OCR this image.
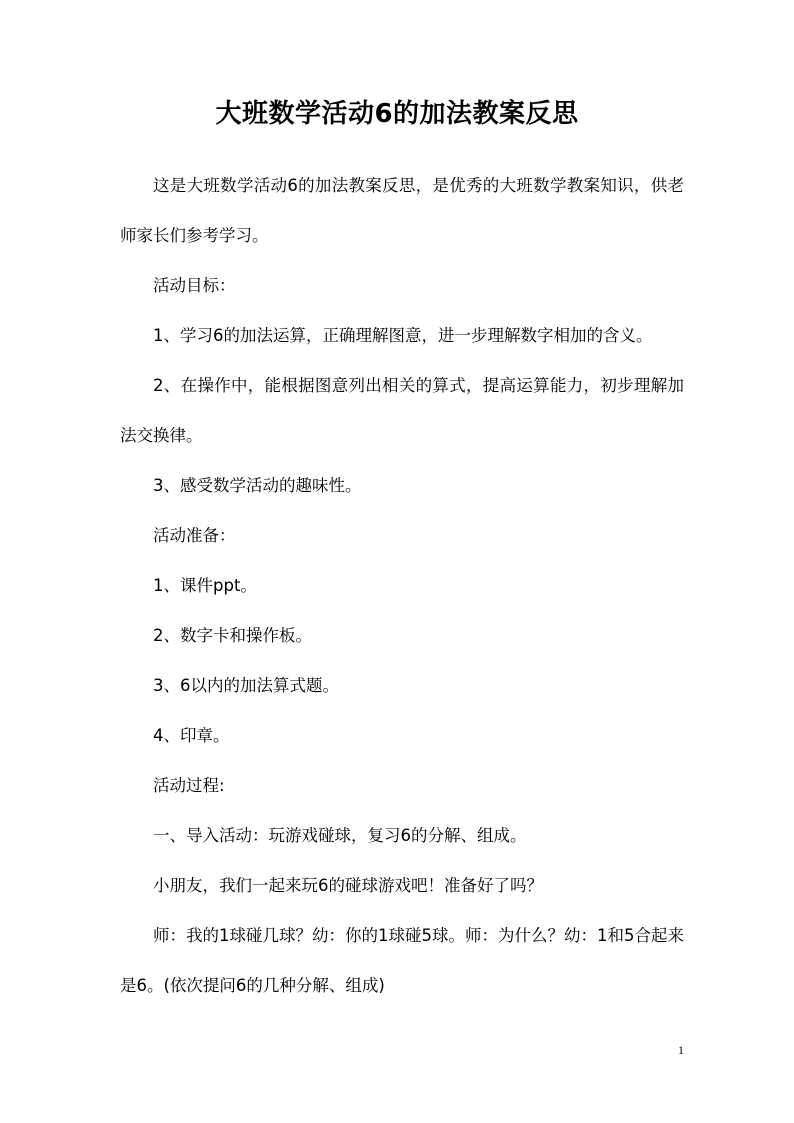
大班数学活动6的加法教案反思

这是大班数学活动6的加法教案反思，是优秀的大班数学教案知识，供老师家长们参考学习。

活动目标：

1、学习6的加法运算，正确理解图意，进一步理解数字相加的含义。

2、在操作中，能根据图意列出相关的算式，提高运算能力，初步理解加法交换律。

3、感受数学活动的趣味性。

活动准备：

1、课件ppt。

2、数字卡和操作板。

3、6以内的加法算式题。

4、印章。

活动过程:

一、导入活动：玩游戏碰球，复习6的分解、组成。

小朋友，我们一起来玩6的碰球游戏吧！准备好了吗？

师：我的1球碰几球？幼：你的1球碰5球。师：为什么？幼：1和5合起来是6。(依次提问6的几种分解、组成)

1
